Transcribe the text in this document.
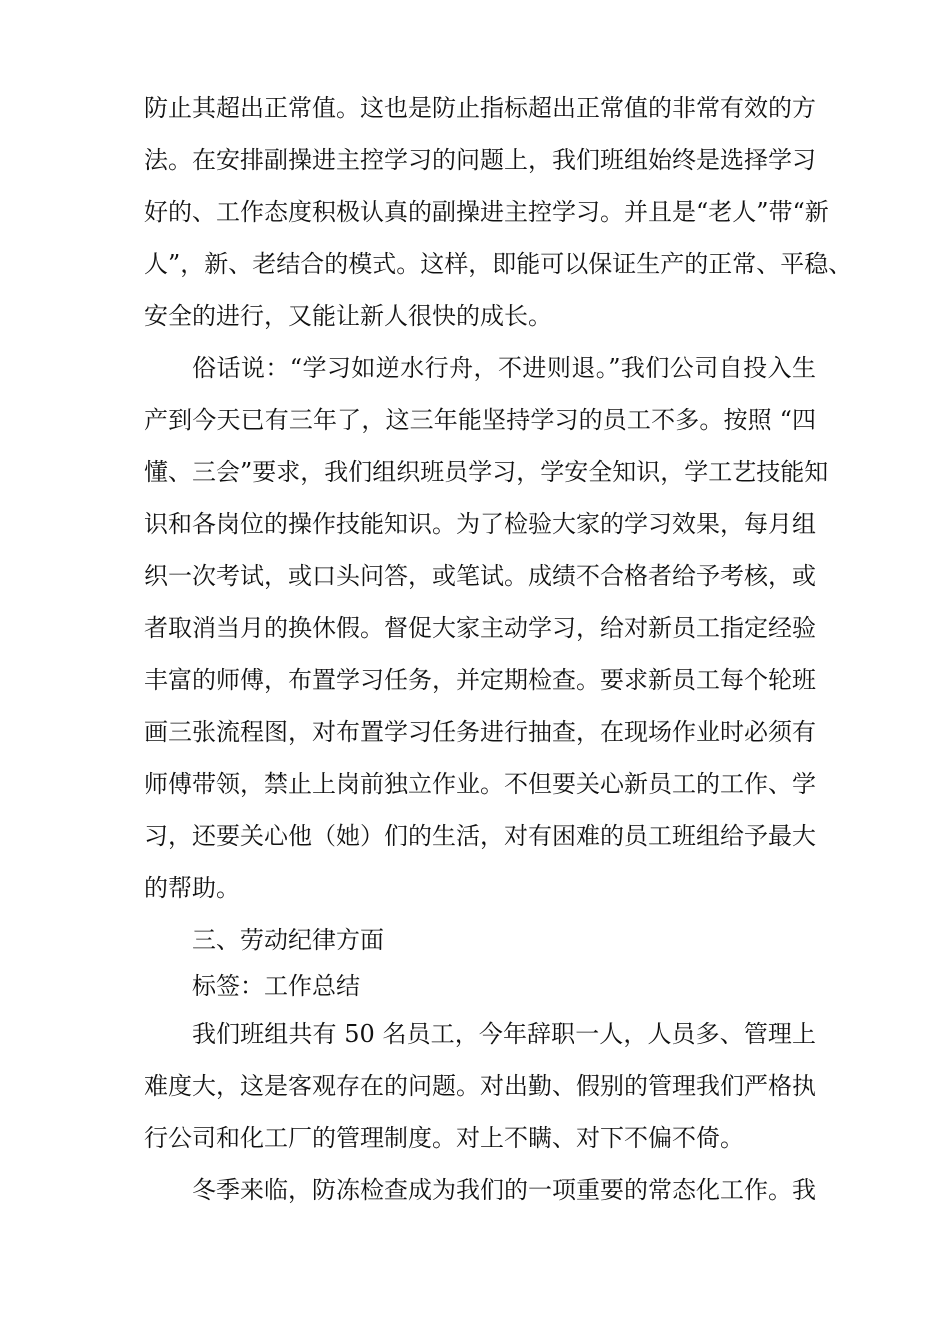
防止其超出正常值。这也是防止指标超出正常值的非常有效的方
法。在安排副操进主控学习的问题上，我们班组始终是选择学习
好的、工作态度积极认真的副操进主控学习。并且是“老人”带“新
人”，新、老结合的模式。这样，即能可以保证生产的正常、平稳、
安全的进行，又能让新人很快的成长。
俗话说：“学习如逆水行舟，不进则退。”我们公司自投入生
产到今天已有三年了，这三年能坚持学习的员工不多。按照 “四
懂、三会”要求，我们组织班员学习，学安全知识，学工艺技能知
识和各岗位的操作技能知识。为了检验大家的学习效果，每月组
织一次考试，或口头问答，或笔试。成绩不合格者给予考核，或
者取消当月的换休假。督促大家主动学习，给对新员工指定经验
丰富的师傅，布置学习任务，并定期检查。要求新员工每个轮班
画三张流程图，对布置学习任务进行抽查，在现场作业时必须有
师傅带领，禁止上岗前独立作业。不但要关心新员工的工作、学
习，还要关心他（她）们的生活，对有困难的员工班组给予最大
的帮助。
三、劳动纪律方面
标签：工作总结
我们班组共有 50 名员工，今年辞职一人，人员多、管理上
难度大，这是客观存在的问题。对出勤、假别的管理我们严格执
行公司和化工厂的管理制度。对上不瞒、对下不偏不倚。
冬季来临，防冻检查成为我们的一项重要的常态化工作。我
